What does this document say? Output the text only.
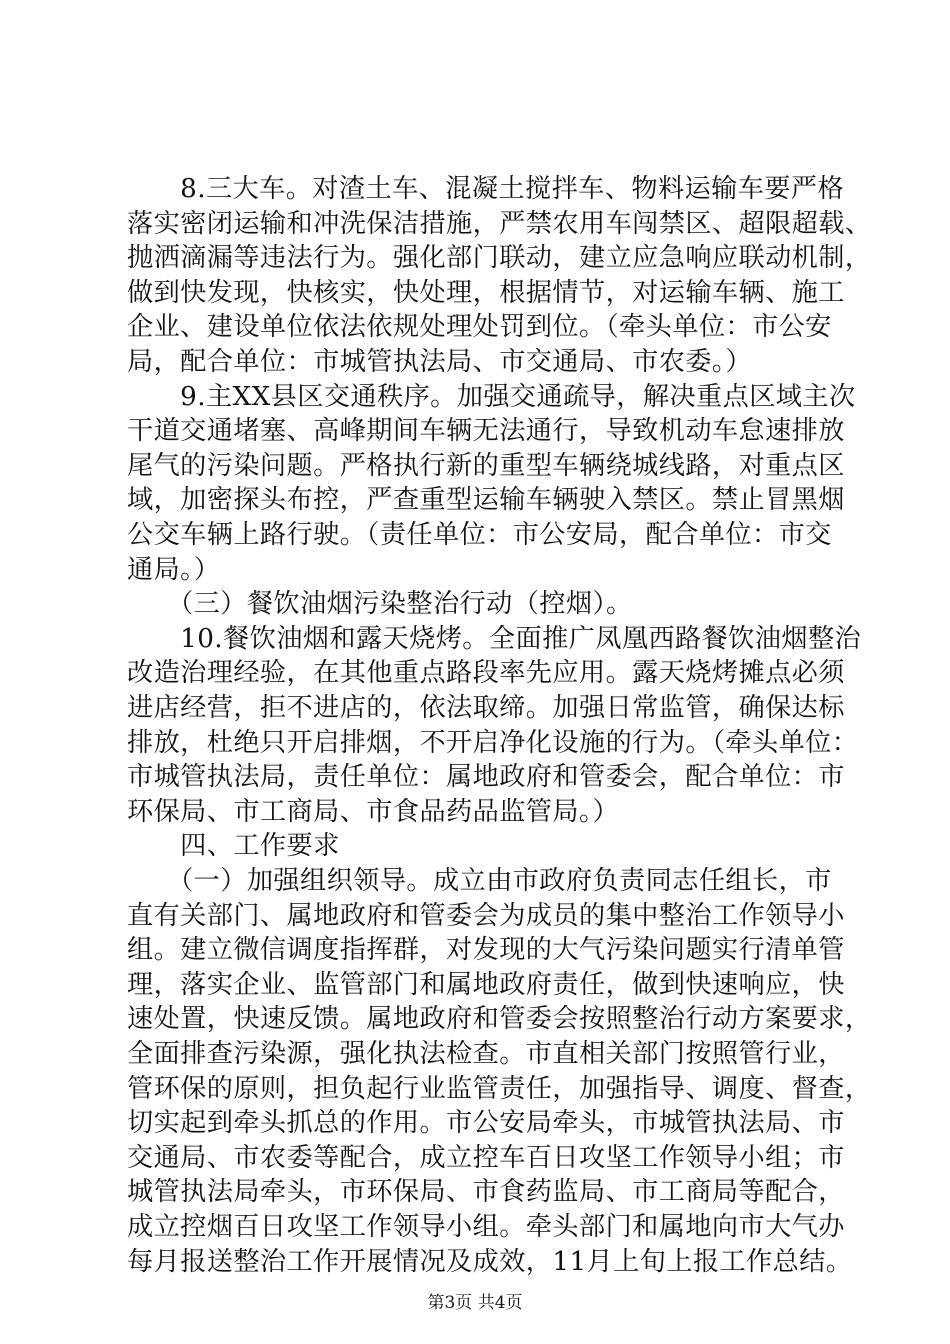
　　8.三大车。对渣土车、混凝土搅拌车、物料运输车要严格
落实密闭运输和冲洗保洁措施，严禁农用车闯禁区、超限超载、
抛洒滴漏等违法行为。强化部门联动，建立应急响应联动机制，
做到快发现，快核实，快处理，根据情节，对运输车辆、施工
企业、建设单位依法依规处理处罚到位。（牵头单位：市公安
局，配合单位：市城管执法局、市交通局、市农委。）
　　9.主XX县区交通秩序。加强交通疏导，解决重点区域主次
干道交通堵塞、高峰期间车辆无法通行，导致机动车怠速排放
尾气的污染问题。严格执行新的重型车辆绕城线路，对重点区
域，加密探头布控，严查重型运输车辆驶入禁区。禁止冒黑烟
公交车辆上路行驶。（责任单位：市公安局，配合单位：市交
通局。）
　　（三）餐饮油烟污染整治行动（控烟）。
　　10.餐饮油烟和露天烧烤。全面推广凤凰西路餐饮油烟整治
改造治理经验，在其他重点路段率先应用。露天烧烤摊点必须
进店经营，拒不进店的，依法取缔。加强日常监管，确保达标
排放，杜绝只开启排烟，不开启净化设施的行为。（牵头单位：
市城管执法局，责任单位：属地政府和管委会，配合单位：市
环保局、市工商局、市食品药品监管局。）
　　四、工作要求
　　（一）加强组织领导。成立由市政府负责同志任组长，市
直有关部门、属地政府和管委会为成员的集中整治工作领导小
组。建立微信调度指挥群，对发现的大气污染问题实行清单管
理，落实企业、监管部门和属地政府责任，做到快速响应，快
速处置，快速反馈。属地政府和管委会按照整治行动方案要求，
全面排查污染源，强化执法检查。市直相关部门按照管行业，
管环保的原则，担负起行业监管责任，加强指导、调度、督查，
切实起到牵头抓总的作用。市公安局牵头，市城管执法局、市
交通局、市农委等配合，成立控车百日攻坚工作领导小组；市
城管执法局牵头，市环保局、市食药监局、市工商局等配合，
成立控烟百日攻坚工作领导小组。牵头部门和属地向市大气办
每月报送整治工作开展情况及成效，11月上旬上报工作总结。
第3页 共4页
